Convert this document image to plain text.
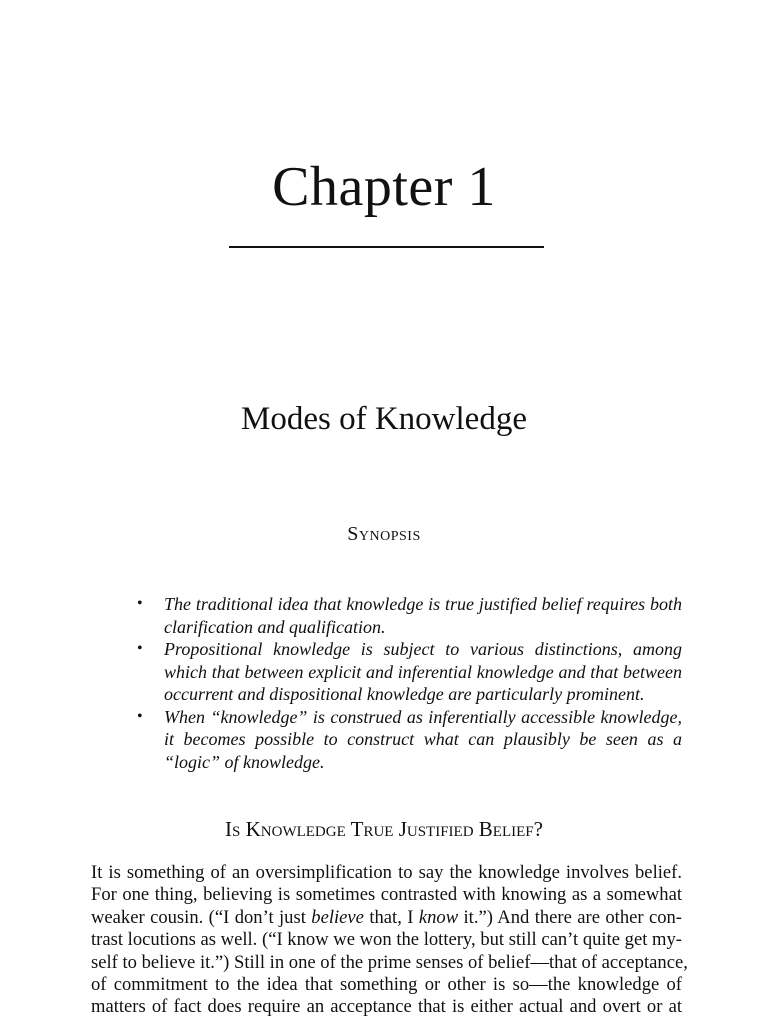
Chapter 1
Modes of Knowledge
Synopsis
• The traditional idea that knowledge is true justified belief requires both clarification and qualification.
• Propositional knowledge is subject to various distinctions, among which that between explicit and inferential knowledge and that between occurrent and dispositional knowledge are particularly prominent.
• When “knowledge” is construed as inferentially accessible knowledge, it becomes possible to construct what can plausibly be seen as a “logic” of knowledge.
Is Knowledge True Justified Belief?
It is something of an oversimplification to say the knowledge involves belief.
For one thing, believing is sometimes contrasted with knowing as a somewhat
weaker cousin. (“I don’t just believe that, I know it.”) And there are other con-
trast locutions as well. (“I know we won the lottery, but still can’t quite get my-
self to believe it.”) Still in one of the prime senses of belief—that of acceptance,
of commitment to the idea that something or other is so—the knowledge of
matters of fact does require an acceptance that is either actual and overt or at
